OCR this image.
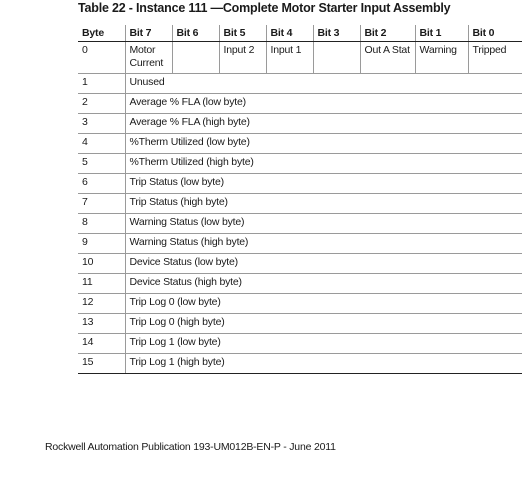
Table 22 - Instance 111 —Complete Motor Starter Input Assembly
Byte	Bit 7	Bit 6	Bit 5	Bit 4	Bit 3	Bit 2	Bit 1	Bit 0
0	Motor Current		Input 2	Input 1		Out A Stat	Warning	Tripped
1	Unused							
2	Average % FLA (low byte)							
3	Average % FLA (high byte)							
4	%Therm Utilized (low byte)							
5	%Therm Utilized (high byte)							
6	Trip Status (low byte)							
7	Trip Status (high byte)							
8	Warning Status (low byte)							
9	Warning Status (high byte)							
10	Device Status (low byte)							
11	Device Status (high byte)							
12	Trip Log 0 (low byte)							
13	Trip Log 0 (high byte)							
14	Trip Log 1 (low byte)							
15	Trip Log 1 (high byte)							
Rockwell Automation Publication 193-UM012B-EN-P - June 2011
